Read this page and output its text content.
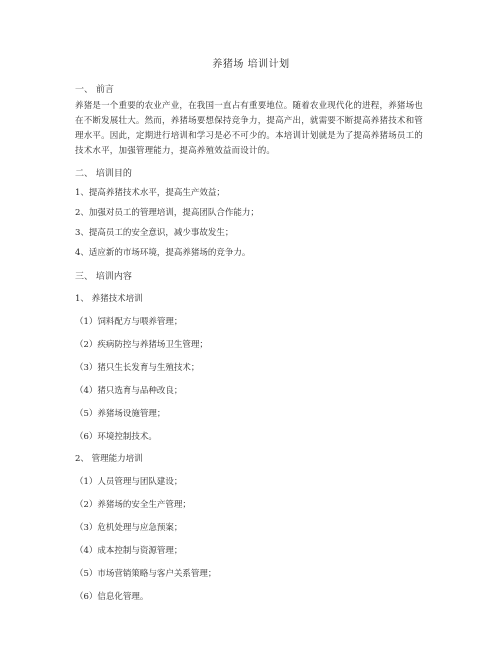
养猪场 培训计划
一、 前言
养猪是一个重要的农业产业，在我国一直占有重要地位。随着农业现代化的进程，养猪场也在不断发展壮大。然而，养猪场要想保持竞争力，提高产出，就需要不断提高养猪技术和管理水平。因此，定期进行培训和学习是必不可少的。本培训计划就是为了提高养猪场员工的技术水平，加强管理能力，提高养殖效益而设计的。
二、 培训目的
1、提高养猪技术水平，提高生产效益；
2、加强对员工的管理培训，提高团队合作能力；
3、提高员工的安全意识，减少事故发生；
4、适应新的市场环境，提高养猪场的竞争力。
三、 培训内容
1、 养猪技术培训
（1）饲料配方与喂养管理；
（2）疾病防控与养猪场卫生管理；
（3）猪只生长发育与生殖技术；
（4）猪只选育与品种改良；
（5）养猪场设施管理；
（6）环境控制技术。
2、 管理能力培训
（1）人员管理与团队建设；
（2）养猪场的安全生产管理；
（3）危机处理与应急预案；
（4）成本控制与资源管理；
（5）市场营销策略与客户关系管理；
（6）信息化管理。
